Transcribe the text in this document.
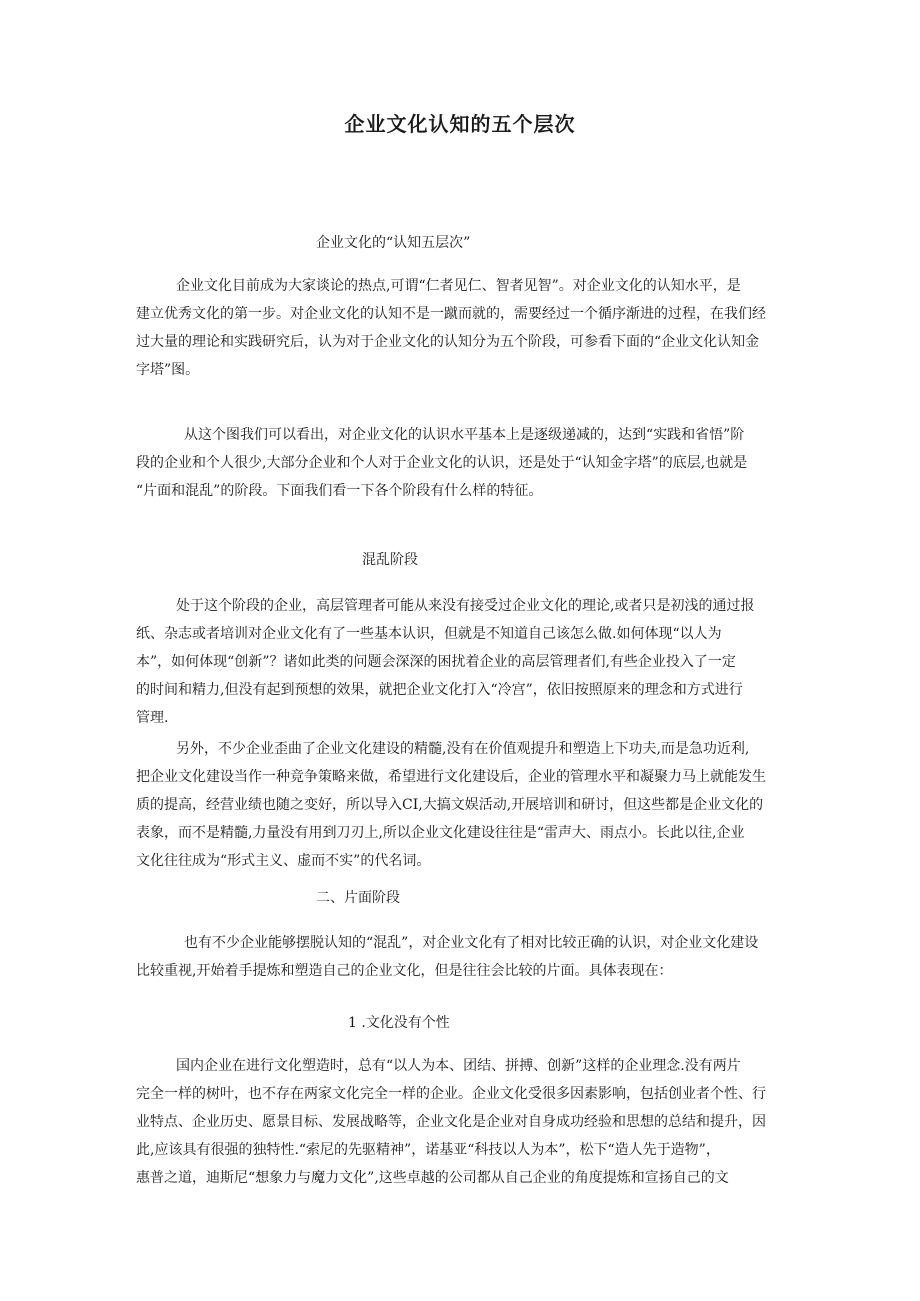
企业文化认知的五个层次

企业文化的“认知五层次”

企业文化目前成为大家谈论的热点,可谓“仁者见仁、智者见智”。对企业文化的认知水平，是
建立优秀文化的第一步。对企业文化的认知不是一蹴而就的，需要经过一个循序渐进的过程，在我们经
过大量的理论和实践研究后，认为对于企业文化的认知分为五个阶段，可参看下面的“企业文化认知金
字塔”图。
从这个图我们可以看出，对企业文化的认识水平基本上是逐级递减的，达到“实践和省悟”阶
段的企业和个人很少,大部分企业和个人对于企业文化的认识，还是处于“认知金字塔”的底层,也就是
“片面和混乱”的阶段。下面我们看一下各个阶段有什么样的特征。

混乱阶段

处于这个阶段的企业，高层管理者可能从来没有接受过企业文化的理论,或者只是初浅的通过报
纸、杂志或者培训对企业文化有了一些基本认识，但就是不知道自己该怎么做.如何体现“以人为
本”，如何体现“创新”？诸如此类的问题会深深的困扰着企业的高层管理者们,有些企业投入了一定
的时间和精力,但没有起到预想的效果，就把企业文化打入“冷宫”，依旧按照原来的理念和方式进行
管理.
另外，不少企业歪曲了企业文化建设的精髓,没有在价值观提升和塑造上下功夫,而是急功近利,
把企业文化建设当作一种竞争策略来做，希望进行文化建设后，企业的管理水平和凝聚力马上就能发生
质的提高，经营业绩也随之变好，所以导入CI,大搞文娱活动,开展培训和研讨，但这些都是企业文化的
表象，而不是精髓,力量没有用到刀刃上,所以企业文化建设往往是“雷声大、雨点小。长此以往,企业
文化往往成为“形式主义、虚而不实”的代名词。

二、片面阶段

也有不少企业能够摆脱认知的“混乱”，对企业文化有了相对比较正确的认识，对企业文化建设
比较重视,开始着手提炼和塑造自己的企业文化，但是往往会比较的片面。具体表现在：

1 .文化没有个性

国内企业在进行文化塑造时，总有“以人为本、团结、拼搏、创新”这样的企业理念.没有两片
完全一样的树叶，也不存在两家文化完全一样的企业。企业文化受很多因素影响，包括创业者个性、行
业特点、企业历史、愿景目标、发展战略等，企业文化是企业对自身成功经验和思想的总结和提升，因
此,应该具有很强的独特性.“索尼的先驱精神”，诺基亚“科技以人为本”，松下“造人先于造物”，
惠普之道，迪斯尼“想象力与魔力文化”,这些卓越的公司都从自己企业的角度提炼和宣扬自己的文
